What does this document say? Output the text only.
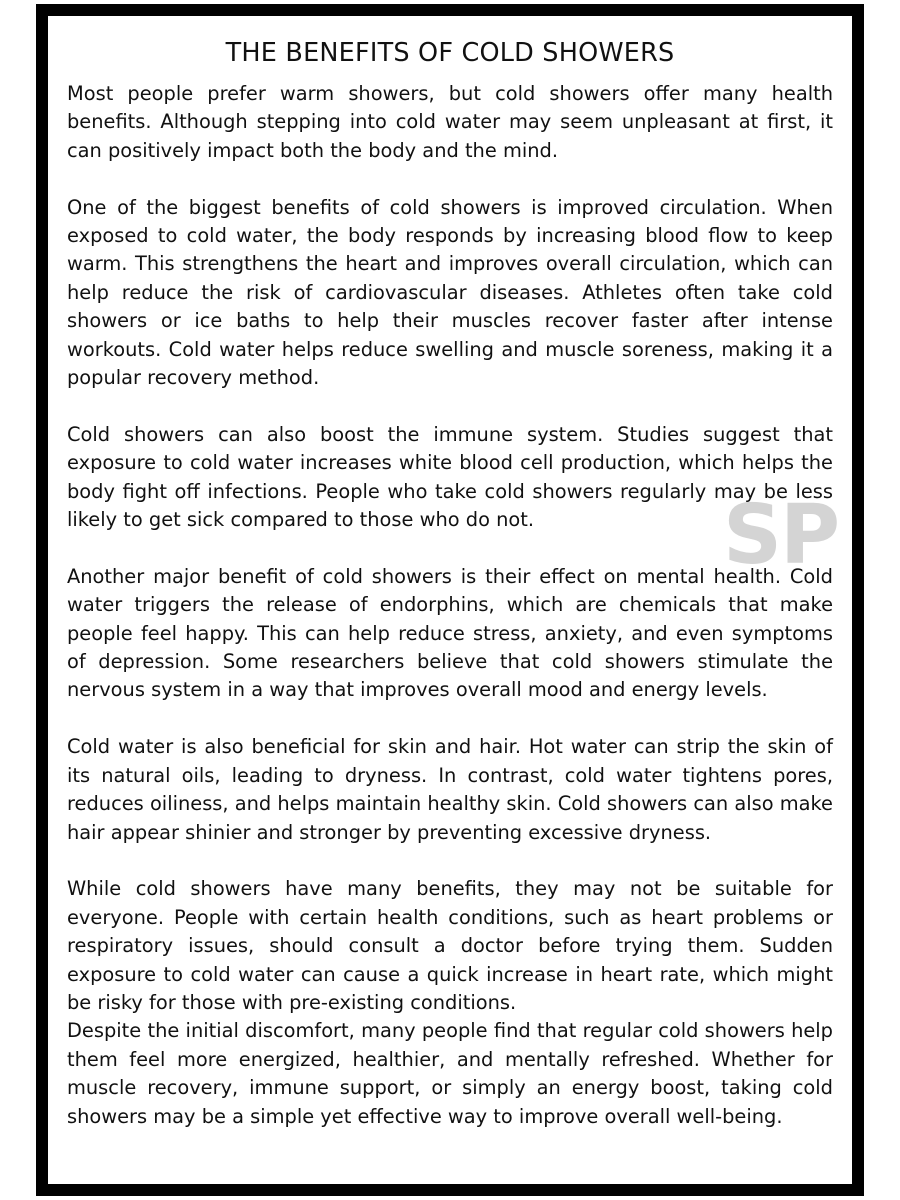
THE BENEFITS OF COLD SHOWERS
SP

Most people prefer warm showers, but cold showers offer many health benefits. Although stepping into cold water may seem unpleasant at first, it can positively impact both the body and the mind.

One of the biggest benefits of cold showers is improved circulation. When exposed to cold water, the body responds by increasing blood flow to keep warm. This strengthens the heart and improves overall circulation, which can help reduce the risk of cardiovascular diseases. Athletes often take cold showers or ice baths to help their muscles recover faster after intense workouts. Cold water helps reduce swelling and muscle soreness, making it a popular recovery method.

Cold showers can also boost the immune system. Studies suggest that exposure to cold water increases white blood cell production, which helps the body fight off infections. People who take cold showers regularly may be less likely to get sick compared to those who do not.

Another major benefit of cold showers is their effect on mental health. Cold water triggers the release of endorphins, which are chemicals that make people feel happy. This can help reduce stress, anxiety, and even symptoms of depression. Some researchers believe that cold showers stimulate the nervous system in a way that improves overall mood and energy levels.

Cold water is also beneficial for skin and hair. Hot water can strip the skin of its natural oils, leading to dryness. In contrast, cold water tightens pores, reduces oiliness, and helps maintain healthy skin. Cold showers can also make hair appear shinier and stronger by preventing excessive dryness.

While cold showers have many benefits, they may not be suitable for everyone. People with certain health conditions, such as heart problems or respiratory issues, should consult a doctor before trying them. Sudden exposure to cold water can cause a quick increase in heart rate, which might be risky for those with pre-existing conditions.

Despite the initial discomfort, many people find that regular cold showers help them feel more energized, healthier, and mentally refreshed. Whether for muscle recovery, immune support, or simply an energy boost, taking cold showers may be a simple yet effective way to improve overall well-being.
